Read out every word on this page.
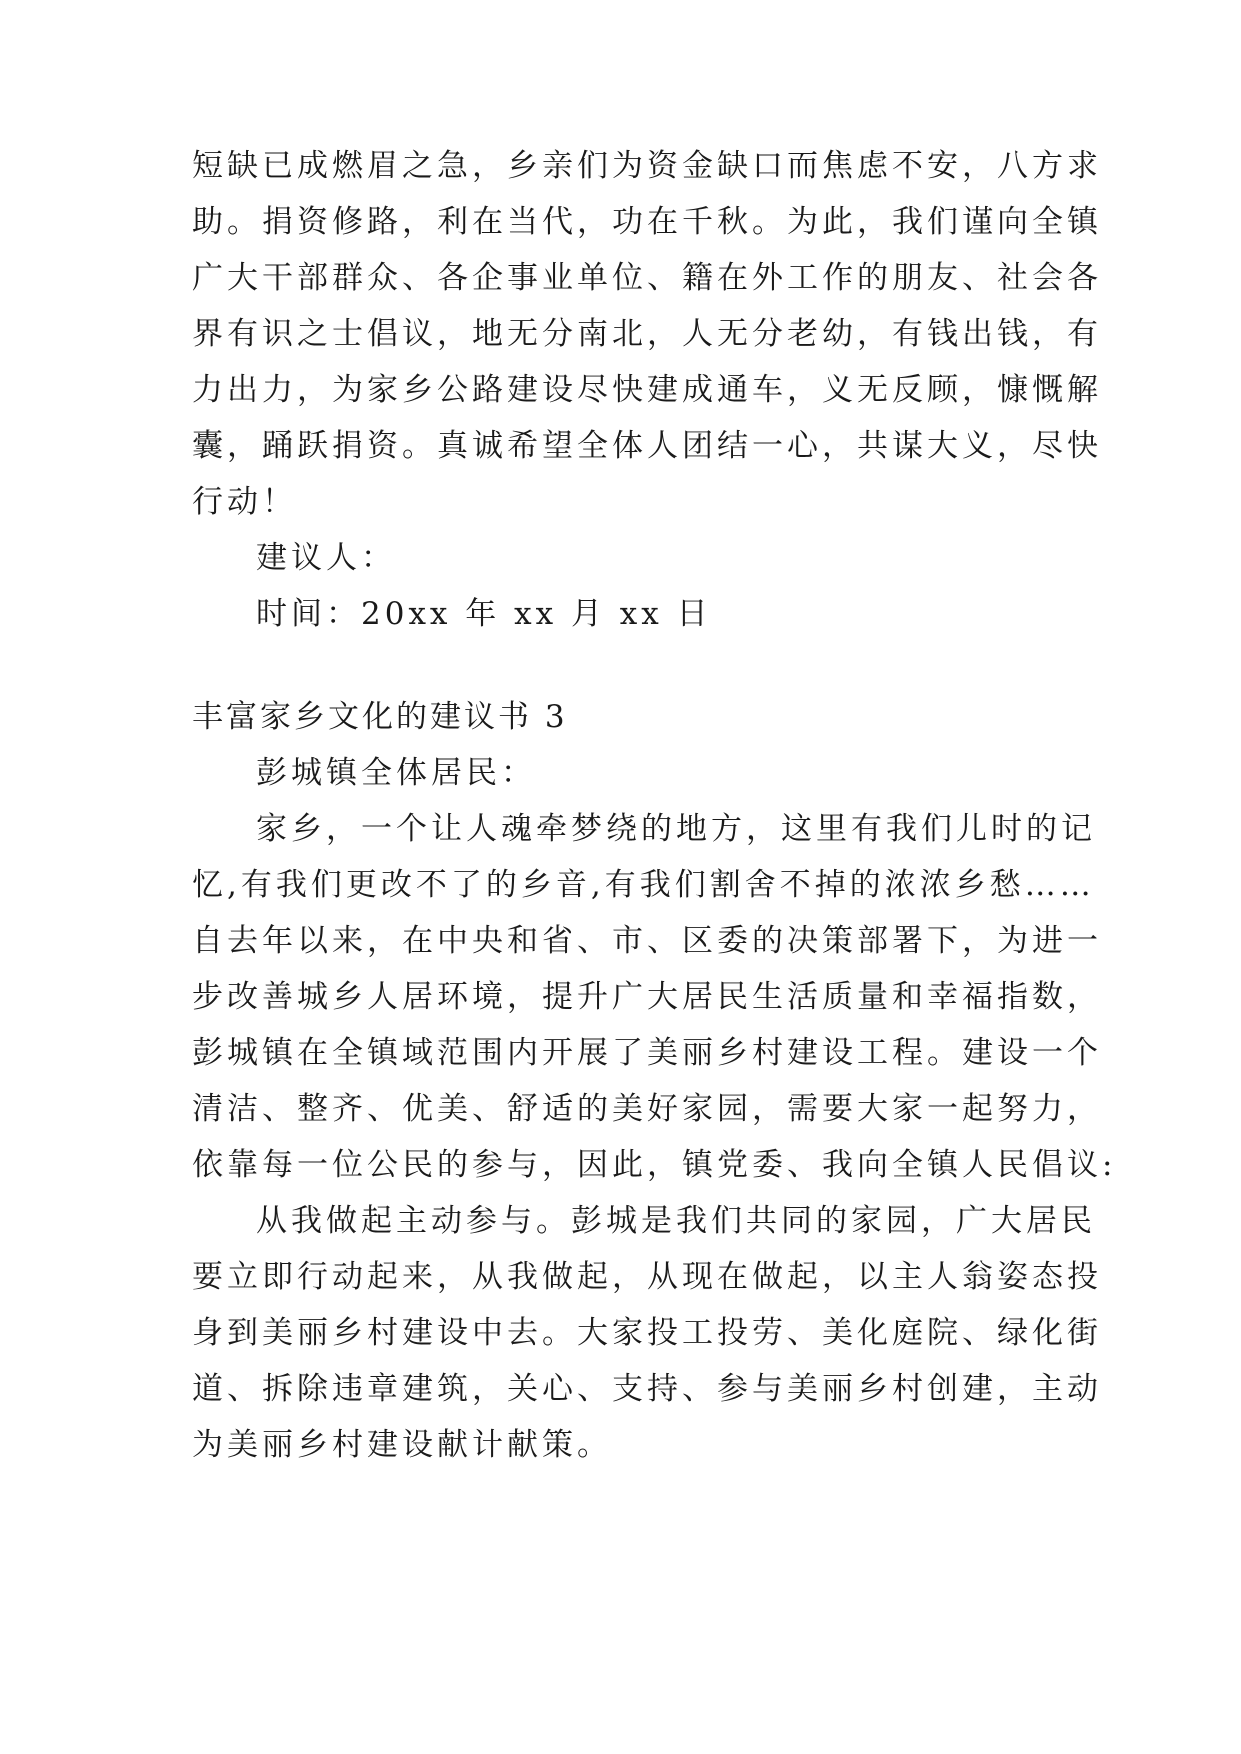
短缺已成燃眉之急，乡亲们为资金缺口而焦虑不安，八方求
助。捐资修路，利在当代，功在千秋。为此，我们谨向全镇
广大干部群众、各企事业单位、籍在外工作的朋友、社会各
界有识之士倡议，地无分南北，人无分老幼，有钱出钱，有
力出力，为家乡公路建设尽快建成通车，义无反顾，慷慨解
囊，踊跃捐资。真诚希望全体人团结一心，共谋大义，尽快
行动！
建议人：
时间：20xx 年 xx 月 xx 日
丰富家乡文化的建议书 3
彭城镇全体居民：
家乡，一个让人魂牵梦绕的地方，这里有我们儿时的记
忆,有我们更改不了的乡音,有我们割舍不掉的浓浓乡愁……
自去年以来，在中央和省、市、区委的决策部署下，为进一
步改善城乡人居环境，提升广大居民生活质量和幸福指数，
彭城镇在全镇域范围内开展了美丽乡村建设工程。建设一个
清洁、整齐、优美、舒适的美好家园，需要大家一起努力，
依靠每一位公民的参与，因此，镇党委、我向全镇人民倡议:
从我做起主动参与。彭城是我们共同的家园，广大居民
要立即行动起来，从我做起，从现在做起，以主人翁姿态投
身到美丽乡村建设中去。大家投工投劳、美化庭院、绿化街
道、拆除违章建筑，关心、支持、参与美丽乡村创建，主动
为美丽乡村建设献计献策。
